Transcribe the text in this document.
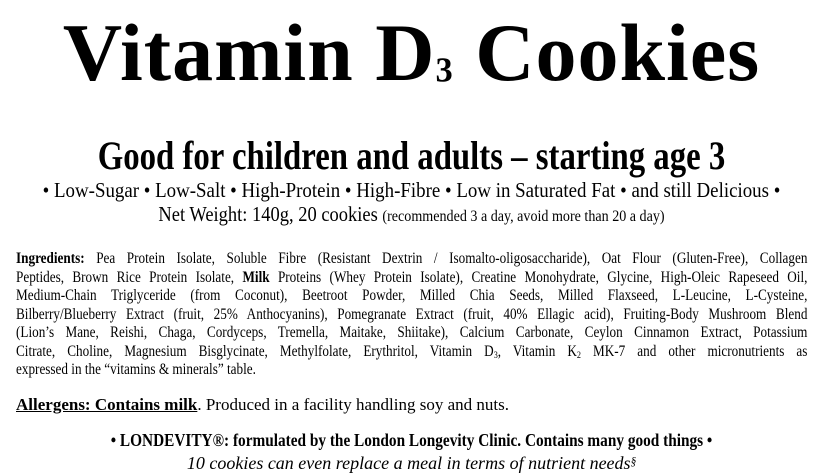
Vitamin $D_3$ Cookies
Good for children and adults – starting age 3
• Low-Sugar • Low-Salt • High-Protein • High-Fibre • Low in Saturated Fat • and still Delicious •
Net Weight: 140g, 20 cookies (recommended 3 a day, avoid more than 20 a day)
Ingredients: Pea Protein Isolate, Soluble Fibre (Resistant Dextrin / Isomalto-oligosaccharide), Oat Flour (Gluten-Free), Collagen
Peptides, Brown Rice Protein Isolate, Milk Proteins (Whey Protein Isolate), Creatine Monohydrate, Glycine, High-Oleic Rapeseed Oil,
Medium-Chain Triglyceride (from Coconut), Beetroot Powder, Milled Chia Seeds, Milled Flaxseed, L-Leucine, L-Cysteine,
Bilberry/Blueberry Extract (fruit, 25% Anthocyanins), Pomegranate Extract (fruit, 40% Ellagic acid), Fruiting-Body Mushroom Blend
(Lion’s Mane, Reishi, Chaga, Cordyceps, Tremella, Maitake, Shiitake), Calcium Carbonate, Ceylon Cinnamon Extract, Potassium
Citrate, Choline, Magnesium Bisglycinate, Methylfolate, Erythritol, Vitamin $D_3$, Vitamin $K_2$ MK-7 and other micronutrients as
expressed in the “vitamins & minerals” table.
Allergens: Contains milk. Produced in a facility handling soy and nuts.
• LONDEVITY®: formulated by the London Longevity Clinic. Contains many good things •
10 cookies can even replace a meal in terms of nutrient needs§
